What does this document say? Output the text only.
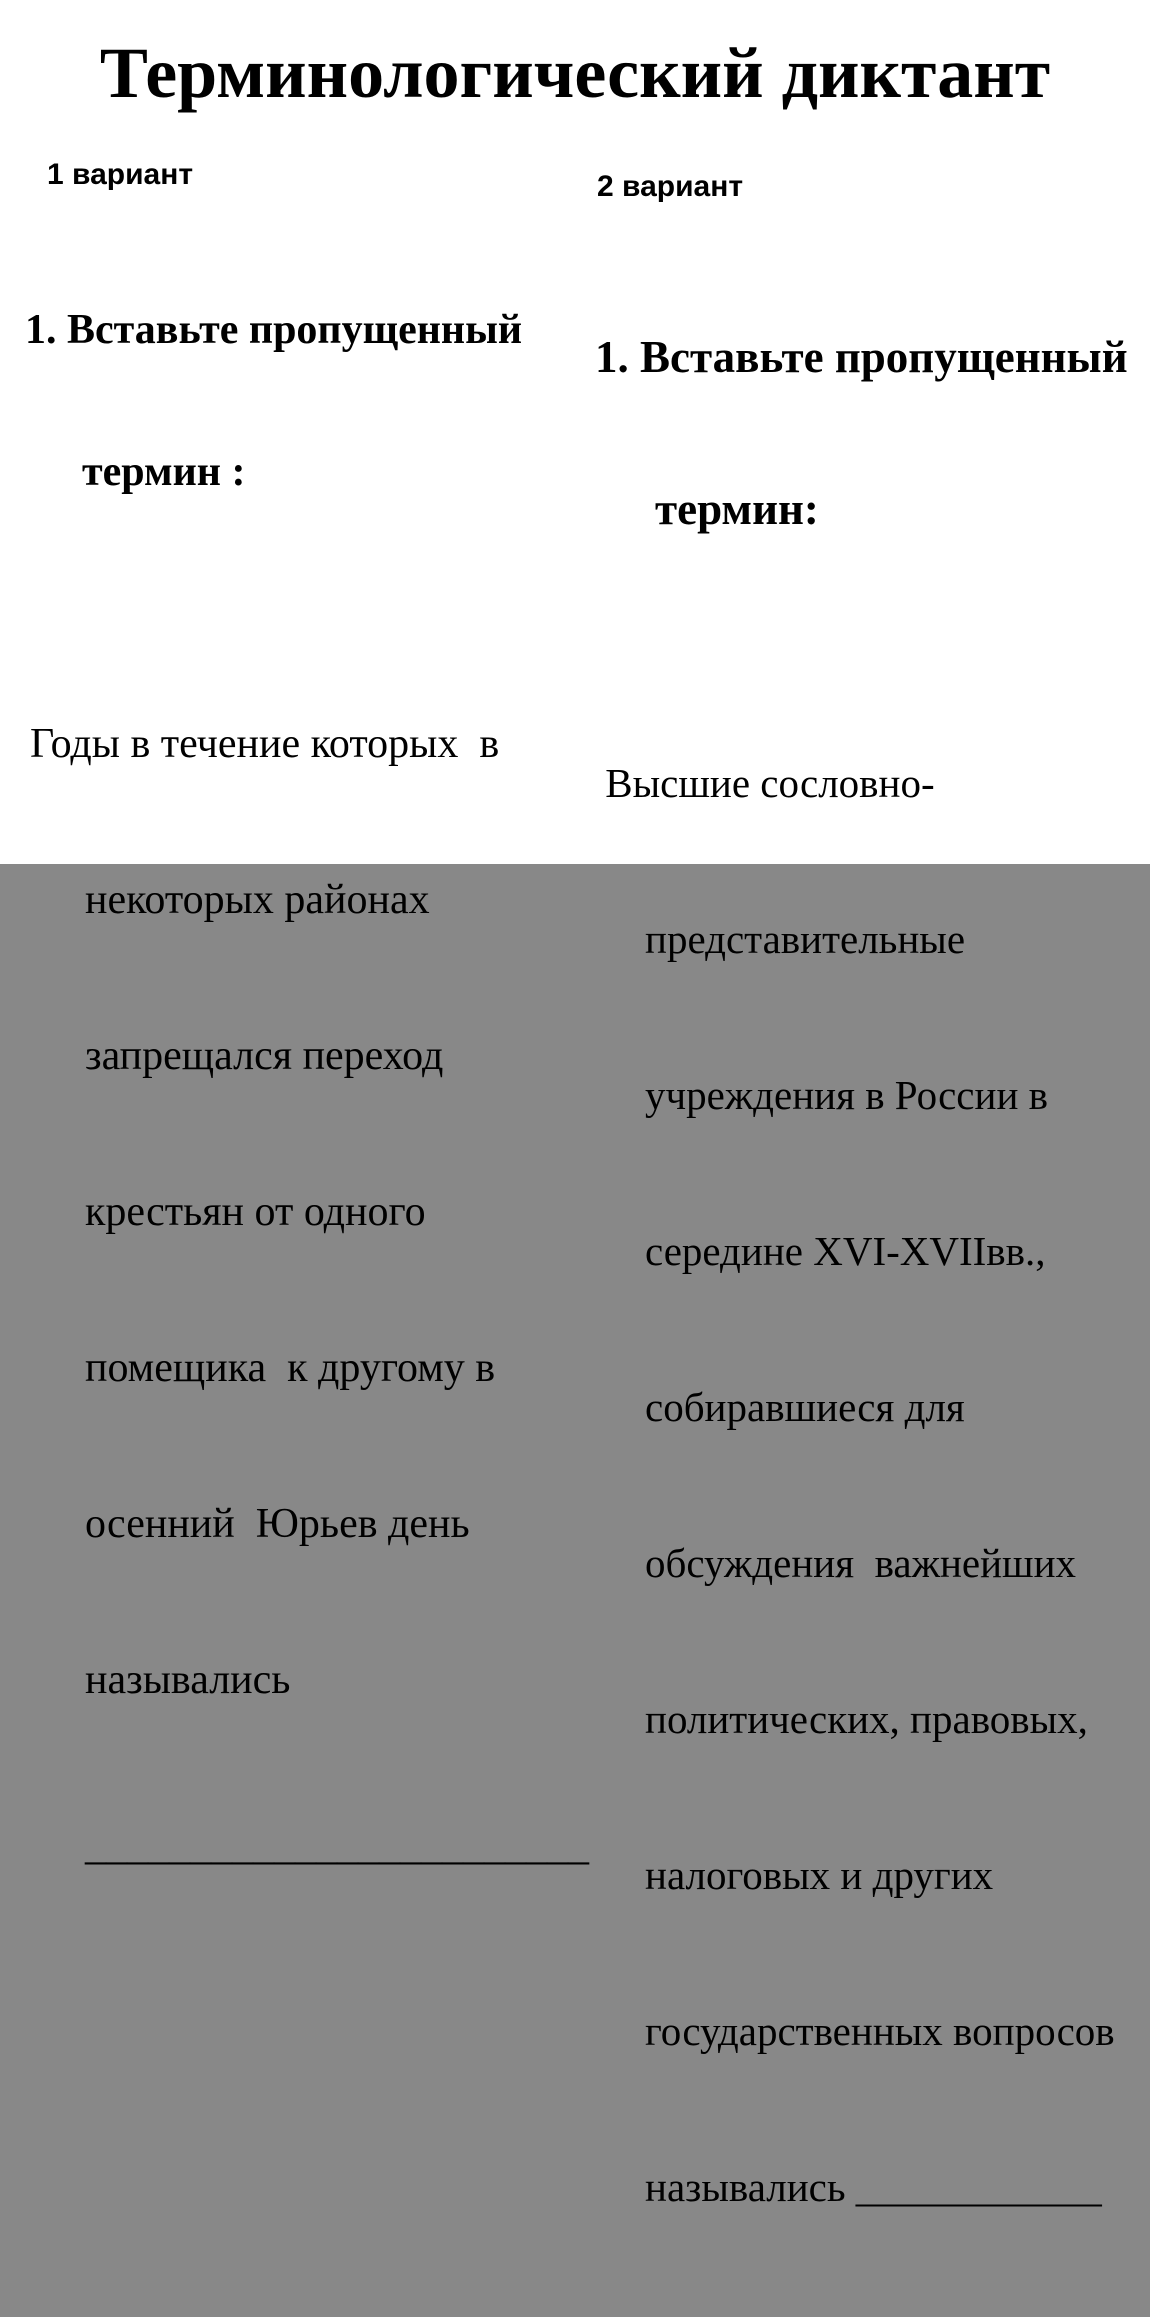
Терминологический диктант
1 вариант

1. Вставьте пропущенный

термин :

Годы в течение которых  в

некоторых районах

запрещался переход

крестьян от одного

помещика  к другому в

осенний  Юрьев день

назывались

________________________

2 вариант

1. Вставьте пропущенный

термин:

Высшие сословно-

представительные

учреждения в России в

середине XVI-XVIIвв.,

собиравшиеся для

обсуждения  важнейших

политических, правовых,

налоговых и других

государственных вопросов

назывались ____________
